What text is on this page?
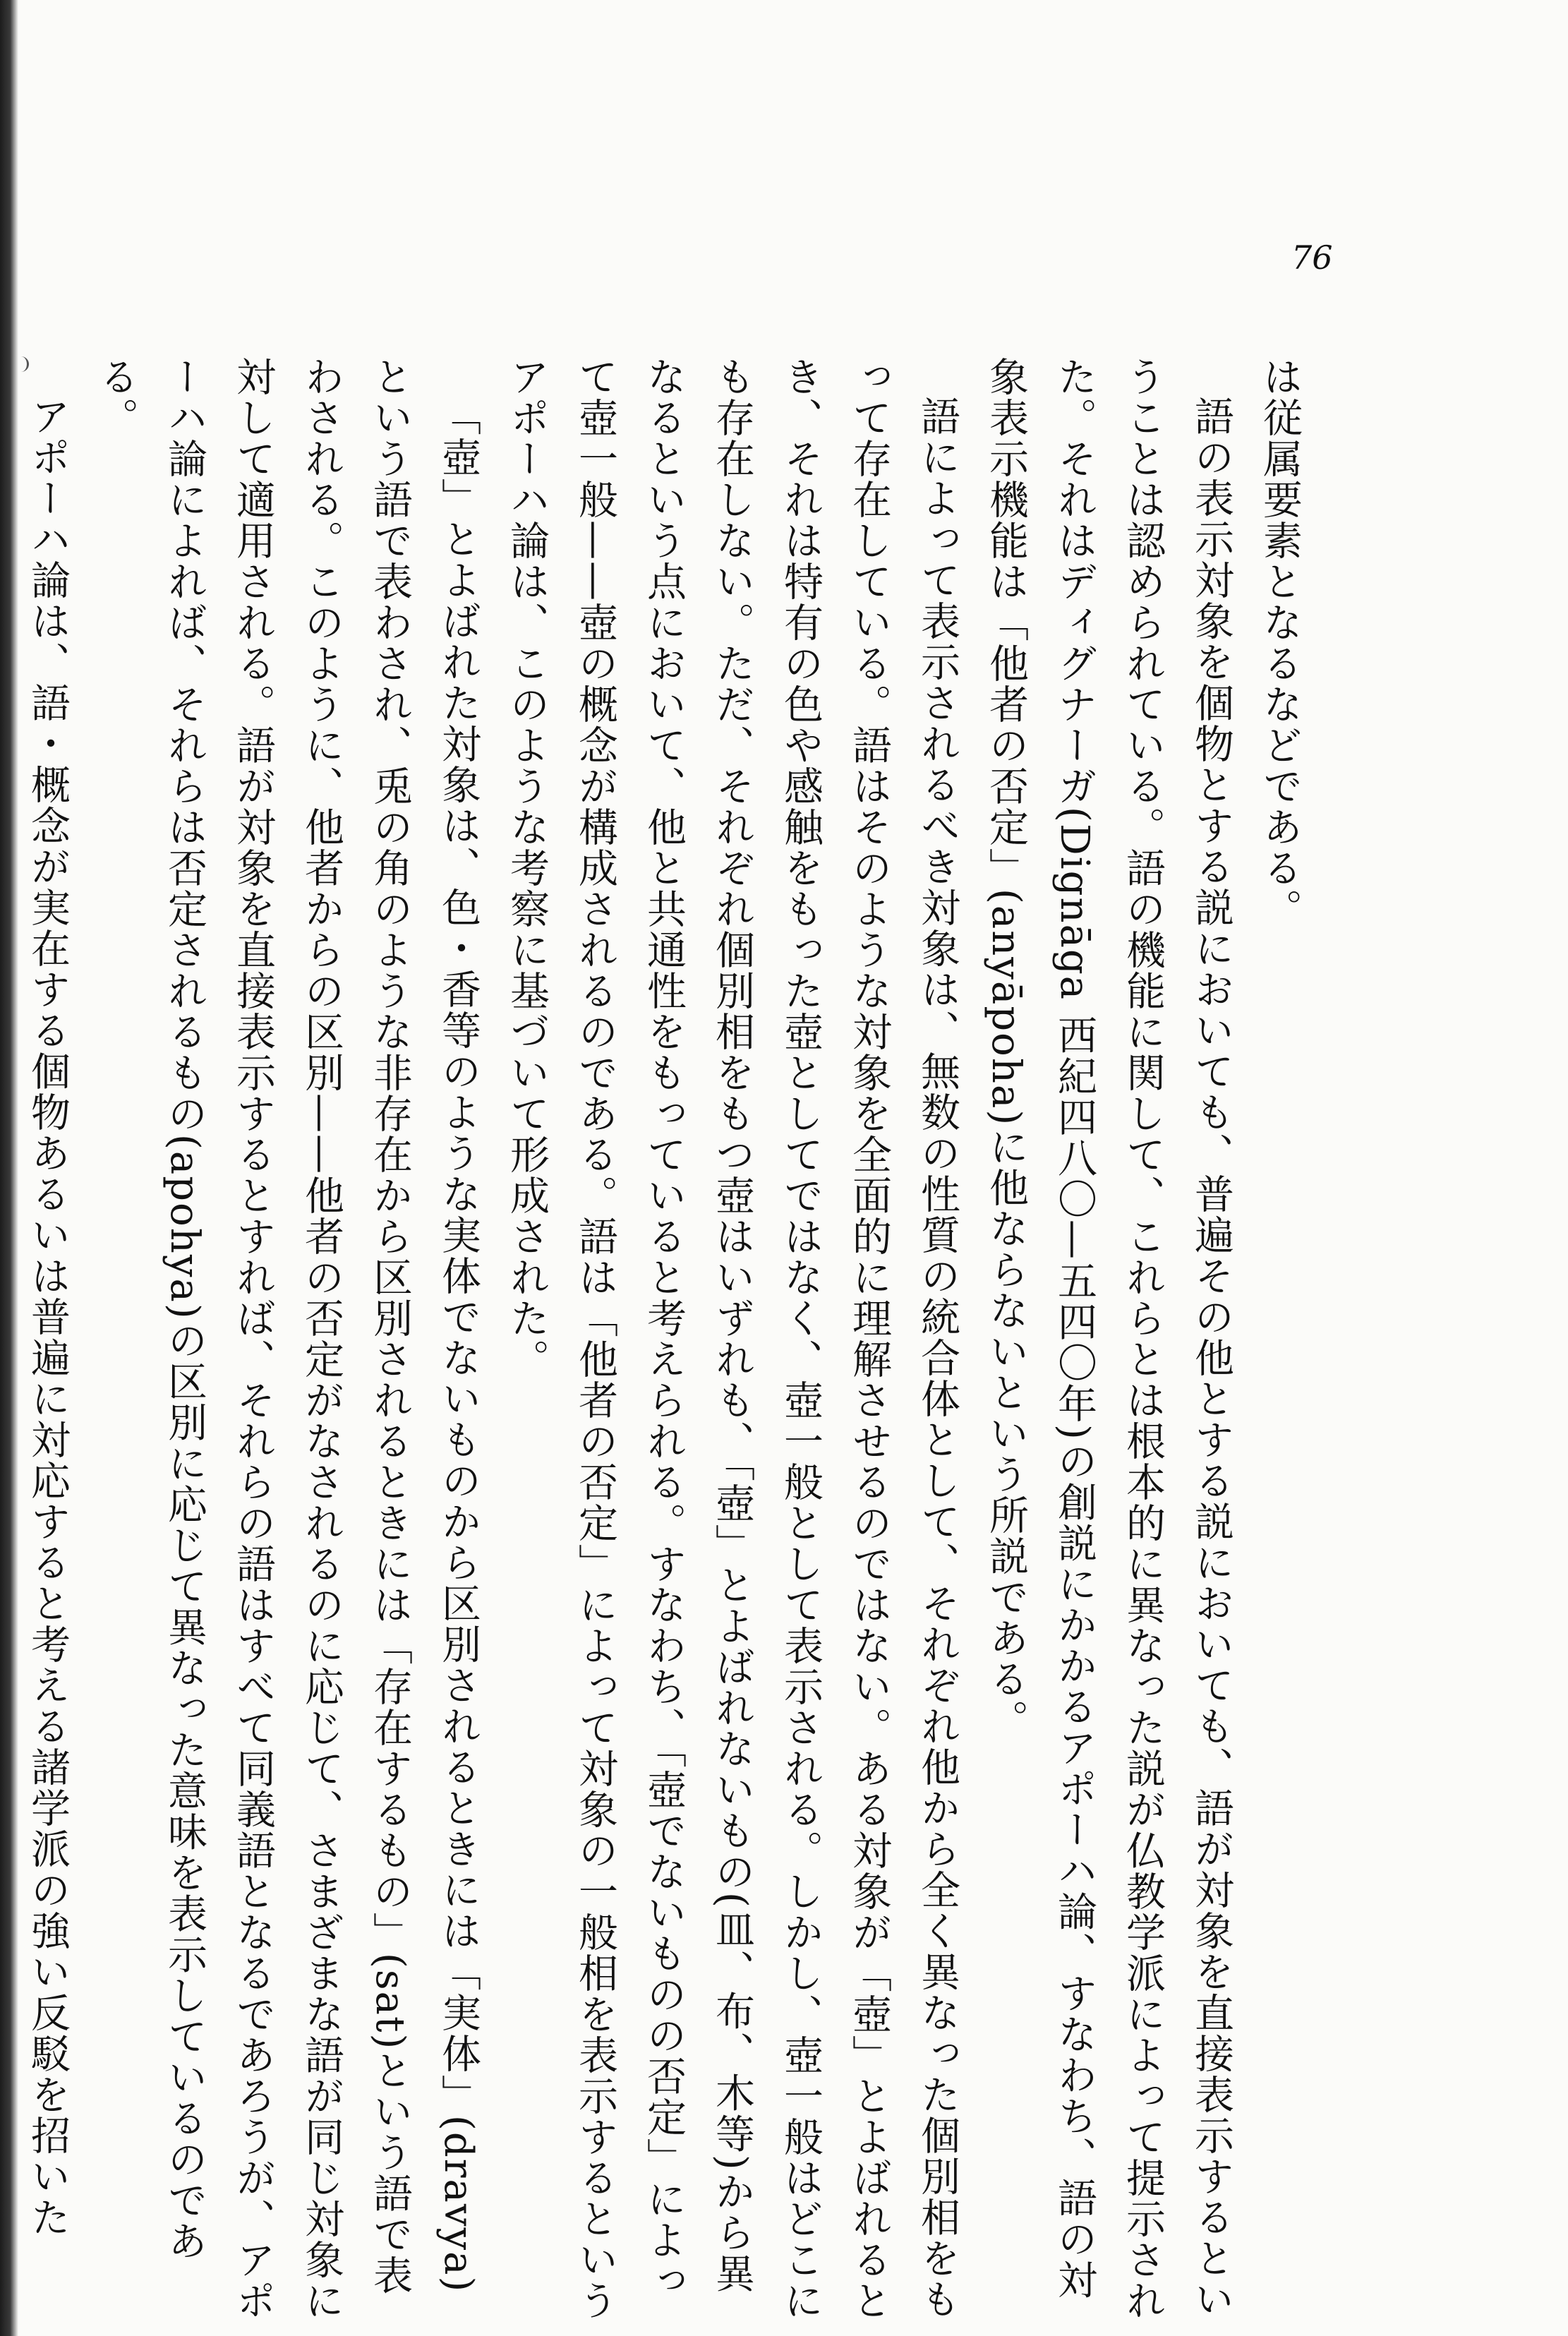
76

は従属要素となるなどである。

語の表示対象を個物とする説においても、普遍その他とする説においても、語が対象を直接表示するということは認められている。語の機能に関して、これらとは根本的に異なった説が仏教学派によって提示された。それはディグナーガ(Dignāga 西紀四八〇—五四〇年)の創説にかかるアポーハ論、すなわち、語の対象表示機能は「他者の否定」(anyāpoha)に他ならないという所説である。

語によって表示されるべき対象は、無数の性質の統合体として、それぞれ他から全く異なった個別相をもって存在している。語はそのような対象を全面的に理解させるのではない。ある対象が「壺」とよばれるとき、それは特有の色や感触をもった壺としてではなく、壺一般として表示される。しかし、壺一般はどこにも存在しない。ただ、それぞれ個別相をもつ壺はいずれも、「壺」とよばれないもの(皿、布、木等)から異なるという点において、他と共通性をもっていると考えられる。すなわち、「壺でないものの否定」によって壺一般——壺の概念が構成されるのである。語は「他者の否定」によって対象の一般相を表示するというアポーハ論は、このような考察に基づいて形成された。

「壺」とよばれた対象は、色・香等のような実体でないものから区別されるときには「実体」(dravya)という語で表わされ、兎の角のような非存在から区別されるときには「存在するもの」(sat)という語で表わされる。このように、他者からの区別——他者の否定がなされるのに応じて、さまざまな語が同じ対象に対して適用される。語が対象を直接表示するとすれば、それらの語はすべて同義語となるであろうが、アポーハ論によれば、それらは否定されるもの(apohya)の区別に応じて異なった意味を表示しているのである。

アポーハ論は、語・概念が実在する個物あるいは普遍に対応すると考える諸学派の強い反駁を招いた
